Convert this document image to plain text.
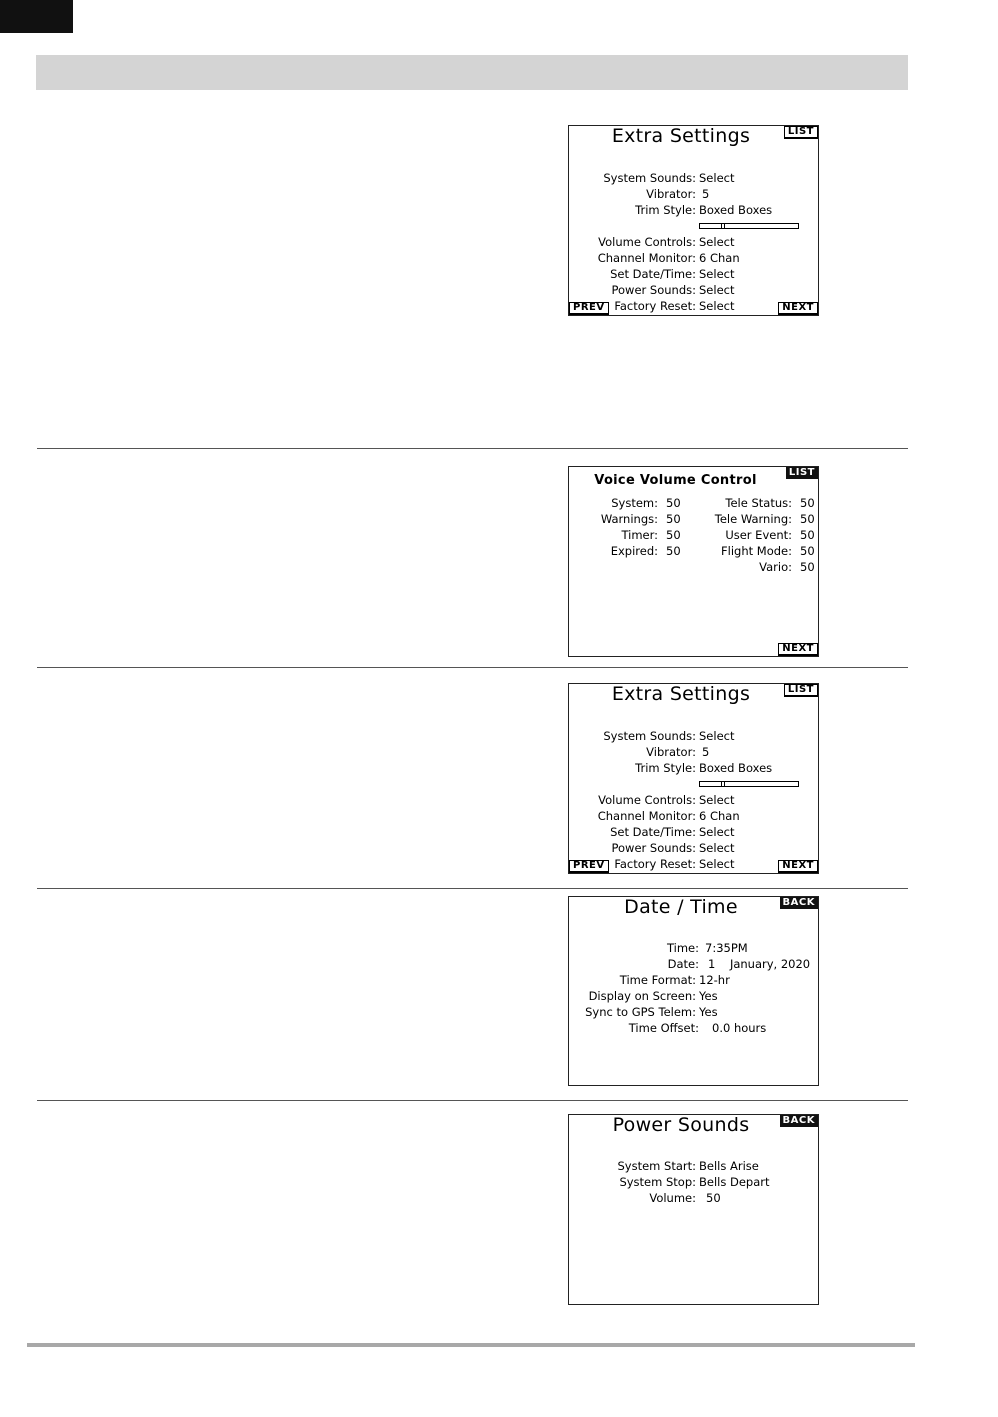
Extra Settings	LIST
PREV	NEXT
System Sounds: Select
Vibrator: 5
Trim Style: Boxed Boxes
Volume Controls: Select
Channel Monitor: 6 Chan
Set Date/Time: Select
Power Sounds: Select
Factory Reset: Select
Voice Volume Control
LIST
NEXT
System: 50
Warnings: 50
Timer: 50
Expired: 50
Tele Status: 50
Tele Warning: 50
User Event: 50
Flight Mode: 50
Vario: 50
Extra Settings	LIST
PREV	NEXT
System Sounds: Select
Vibrator: 5
Trim Style: Boxed Boxes
Volume Controls: Select
Channel Monitor: 6 Chan
Set Date/Time: Select
Power Sounds: Select
Factory Reset: Select
Date / Time	BACK
Time: 7:35PM
Date: 1    January, 2020
Time Format: 12-hr
Display on Screen: Yes
Sync to GPS Telem: Yes
Time Offset: 0.0 hours
Power Sounds	BACK
System Start: Bells Arise
System Stop: Bells Depart
Volume: 50
